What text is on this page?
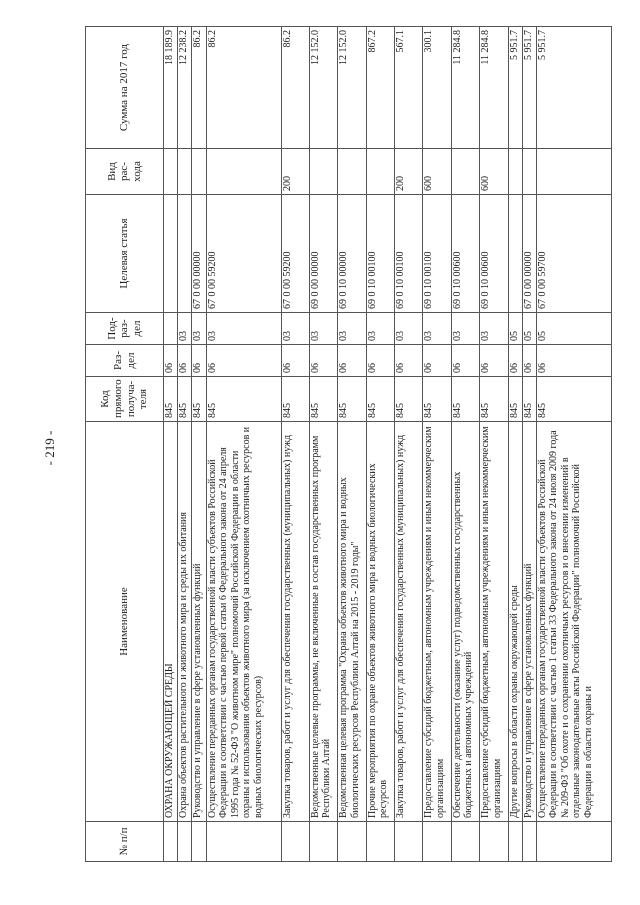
- 219 -
№ п/п	Наименование	Код прямого получа- теля	Раз- дел	Под- раз- дел	Целевая статья	Вид рас- хода	Сумма на 2017 год
	ОХРАНА ОКРУЖАЮЩЕЙ СРЕДЫ	845	06				18 189.9
	Охрана объектов растительного и животного мира и среды их обитания	845	06	03			12 238.2
	Руководство и управление в сфере установленных функций	845	06	03	67 0 00 00000		86.2
	Осуществление переданных органам государственной власти субъектов Российской Федерации в соответствии с частью первой статьи 6 Федерального закона от 24 апреля 1995 года № 52-ФЗ "О животном мире" полномочий Российской Федерации в области охраны и использования объектов животного мира (за исключением охотничьих ресурсов и водных биологических ресурсов)	845	06	03	67 0 00 59200		86.2
	Закупка товаров, работ и услуг для обеспечения государственных (муниципальных) нужд	845	06	03	67 0 00 59200	200	86.2
	Ведомственные целевые программы, не включенные в состав государственных программ Республики Алтай	845	06	03	69 0 00 00000		12 152.0
	Ведомственная целевая программа "Охрана объектов животного мира и водных биологических ресурсов Республики Алтай на 2015 - 2019 годы"	845	06	03	69 0 10 00000		12 152.0
	Прочие мероприятия по охране объектов животного мира и водных биологических ресурсов	845	06	03	69 0 10 00100		867.2
	Закупка товаров, работ и услуг для обеспечения государственных (муниципальных) нужд	845	06	03	69 0 10 00100	200	567.1
	Предоставление субсидий бюджетным, автономным учреждениям и иным некоммерческим организациям	845	06	03	69 0 10 00100	600	300.1
	Обеспечение деятельности (оказание услуг) подведомственных государственных бюджетных и автономных учреждений	845	06	03	69 0 10 00600		11 284.8
	Предоставление субсидий бюджетным, автономным учреждениям и иным некоммерческим организациям	845	06	03	69 0 10 00600	600	11 284.8
	Другие вопросы в области охраны окружающей среды	845	06	05			5 951.7
	Руководство и управление в сфере установленных функций	845	06	05	67 0 00 00000		5 951.7
	Осуществление переданных органам государственной власти субъектов Российской Федерации в соответствии с частью 1 статьи 33 Федерального закона от 24 июля 2009 года № 209-ФЗ "Об охоте и о сохранении охотничьих ресурсов и о внесении изменений в отдельные законодательные акты Российской Федерации" полномочий Российской Федерации в области охраны и	845	06	05	67 0 00 59700		5 951.7
